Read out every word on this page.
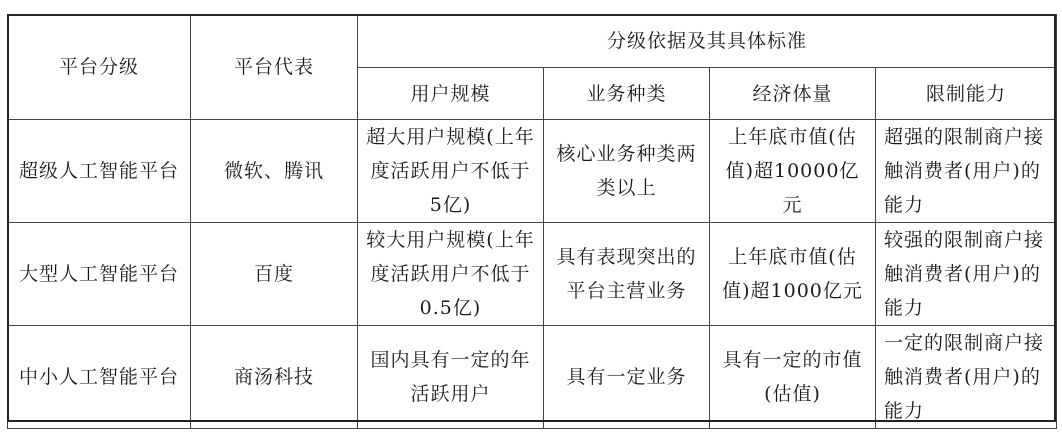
平台分级	平台代表	分级依据及其具体标准			
		用户规模	业务种类	经济体量	限制能力
超级人工智能平台	微软、腾讯	超大用户规模(上年度活跃用户不低于5亿)	核心业务种类两类以上	上年底市值(估值)超10000亿元	超强的限制商户接触消费者(用户)的能力
大型人工智能平台	百度	较大用户规模(上年度活跃用户不低于0.5亿)	具有表现突出的平台主营业务	上年底市值(估值)超1000亿元	较强的限制商户接触消费者(用户)的能力
中小人工智能平台	商汤科技	国内具有一定的年活跃用户	具有一定业务	具有一定的市值(估值)	一定的限制商户接触消费者(用户)的能力
